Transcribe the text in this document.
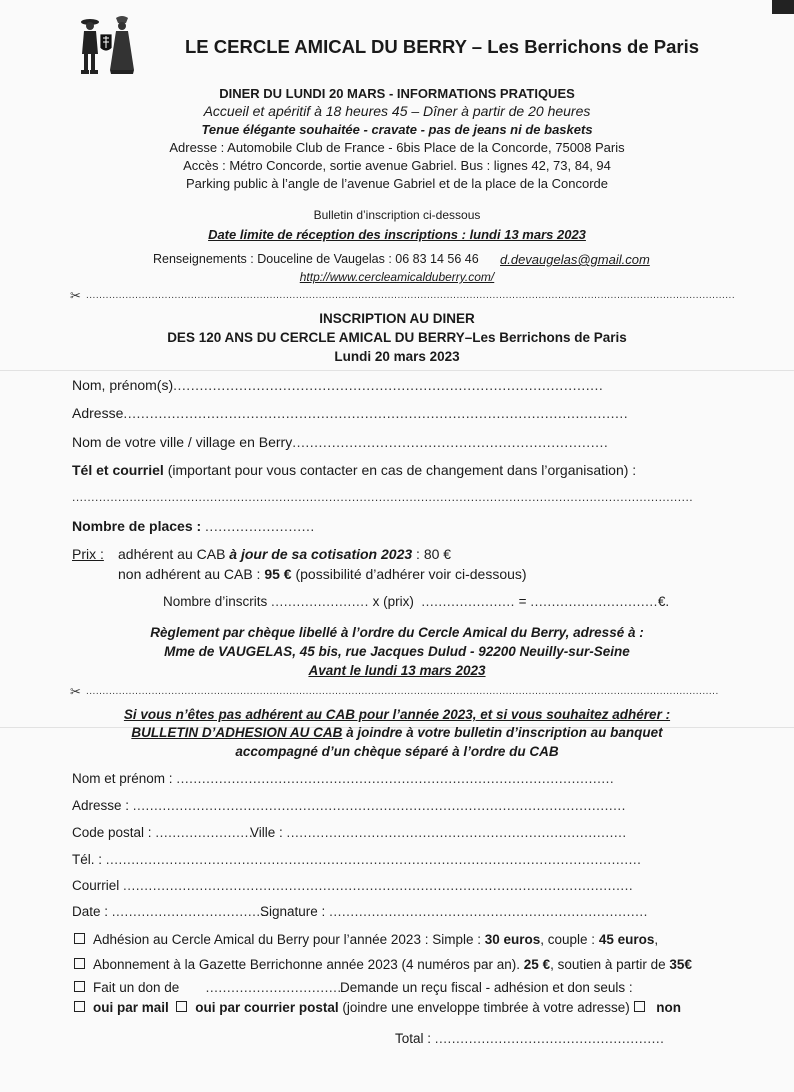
LE CERCLE AMICAL DU BERRY – Les Berrichons de Paris
DINER DU LUNDI 20 MARS - INFORMATIONS PRATIQUES
Accueil et apéritif à 18 heures 45 – Dîner à partir de 20 heures
Tenue élégante souhaitée - cravate - pas de jeans ni de baskets
Adresse : Automobile Club de France - 6bis Place de la Concorde, 75008 Paris
Accès : Métro Concorde, sortie avenue Gabriel. Bus : lignes 42, 73, 84, 94
Parking public à l’angle de l’avenue Gabriel et de la place de la Concorde
Bulletin d’inscription ci-dessous
Date limite de réception des inscriptions : lundi 13 mars 2023
Renseignements : Douceline de Vaugelas : 06 83 14 56 46 d.devaugelas@gmail.com
http://www.cercleamicalduberry.com/
✂ ......................................................................................................................................................................................................
INSCRIPTION AU DINER
DES 120 ANS DU CERCLE AMICAL DU BERRY–Les Berrichons de Paris
Lundi 20 mars 2023
Nom, prénom(s)..................................................................................................
Adresse...................................................................................................................
Nom de votre ville / village en Berry........................................................................
Tél et courriel (important pour vous contacter en cas de changement dans l’organisation) :
..................................................................................................................................................................
Nombre de places : .........................
Prix : adhérent au CAB à jour de sa cotisation 2023 : 80 €
non adhérent au CAB : 95 € (possibilité d’adhérer voir ci-dessous)
Nombre d’inscrits ....................... x (prix) ...................... = ..............................€.
Règlement par chèque libellé à l’ordre du Cercle Amical du Berry, adressé à :
Mme de VAUGELAS, 45 bis, rue Jacques Dulud - 92200 Neuilly-sur-Seine
Avant le lundi 13 mars 2023
✂ .................................................................................................................................................................................................
Si vous n’êtes pas adhérent au CAB pour l’année 2023, et si vous souhaitez adhérer :
BULLETIN D’ADHESION AU CAB à joindre à votre bulletin d’inscription au banquet
accompagné d’un chèque séparé à l’ordre du CAB
Nom et prénom : .......................................................................................................
Adresse : ....................................................................................................................
Code postal : ........................
Ville : ................................................................................
Tél. : ..............................................................................................................................
Courriel ........................................................................................................................
Date : .....................................
Signature : ...........................................................................
Adhésion au Cercle Amical du Berry pour l’année 2023 : Simple : 30 euros, couple : 45 euros,
Abonnement à la Gazette Berrichonne année 2023 (4 numéros par an). 25 €, soutien à partir de 35€
Fait un don de ................................
Demande un reçu fiscal - adhésion et don seuls :
oui par mail oui par courrier postal (joindre une enveloppe timbrée à votre adresse) non
Total : ......................................................
